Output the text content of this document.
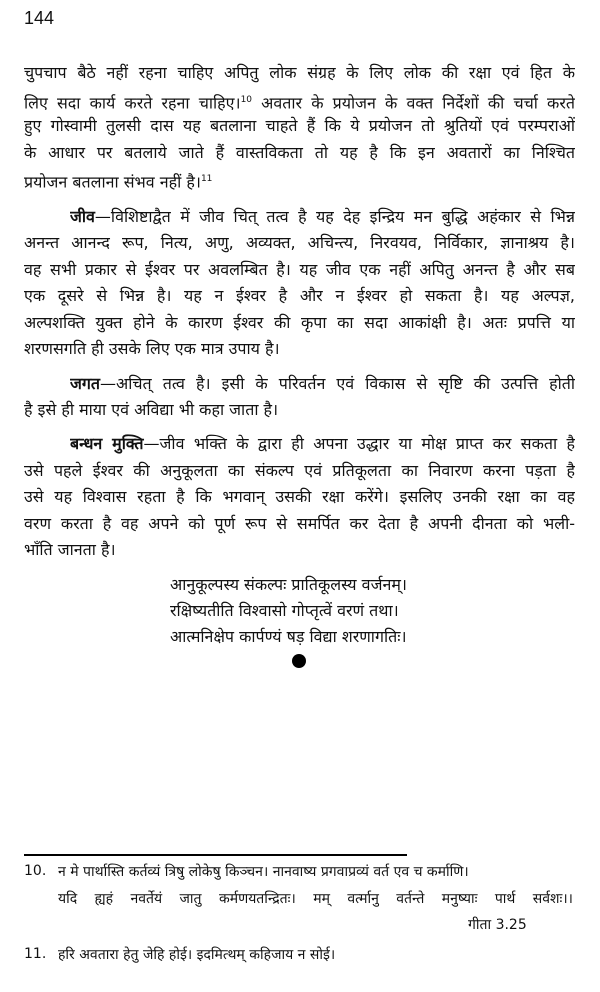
144
चुपचाप बैठे नहीं रहना चाहिए अपितु लोक संग्रह के लिए लोक की रक्षा एवं हित के
लिए सदा कार्य करते रहना चाहिए।$^{10}$ अवतार के प्रयोजन के वक्त निर्देशों की चर्चा करते
हुए गोस्वामी तुलसी दास यह बतलाना चाहते हैं कि ये प्रयोजन तो श्रुतियों एवं परम्पराओं
के आधार पर बतलाये जाते हैं वास्तविकता तो यह है कि इन अवतारों का निश्चित
प्रयोजन बतलाना संभव नहीं है।$^{11}$
जीव—विशिष्टाद्वैत में जीव चित् तत्व है यह देह इन्द्रिय मन बुद्धि अहंकार से भिन्न
अनन्त आनन्द रूप, नित्य, अणु, अव्यक्त, अचिन्त्य, निरवयव, निर्विकार, ज्ञानाश्रय है।
वह सभी प्रकार से ईश्वर पर अवलम्बित है। यह जीव एक नहीं अपितु अनन्त है और सब
एक दूसरे से भिन्न है। यह न ईश्वर है और न ईश्वर हो सकता है। यह अल्पज्ञ,
अल्पशक्ति युक्त होने के कारण ईश्वर की कृपा का सदा आकांक्षी है। अतः प्रपत्ति या
शरणसगति ही उसके लिए एक मात्र उपाय है।
जगत—अचित् तत्व है। इसी के परिवर्तन एवं विकास से सृष्टि की उत्पत्ति होती
है इसे ही माया एवं अविद्या भी कहा जाता है।
बन्धन मुक्ति—जीव भक्ति के द्वारा ही अपना उद्धार या मोक्ष प्राप्त कर सकता है
उसे पहले ईश्वर की अनुकूलता का संकल्प एवं प्रतिकूलता का निवारण करना पड़ता है
उसे यह विश्वास रहता है कि भगवान् उसकी रक्षा करेंगे। इसलिए उनकी रक्षा का वह
वरण करता है वह अपने को पूर्ण रूप से समर्पित कर देता है अपनी दीनता को भली-
भाँति जानता है।
आनुकूल्पस्य संकल्पः प्रातिकूलस्य वर्जनम्।
रक्षिष्यतीति विश्वासो गोप्तृत्वें वरणं तथा।
आत्मनिक्षेप कार्पण्यं षड़ विद्या शरणागतिः।
10. न मे पार्थास्ति कर्तव्यं त्रिषु लोकेषु किञ्चन। नानवाष्य प्रगवाप्रव्यं वर्त एव च कर्माणि।
यदि ह्यहं नवर्तेयं जातु कर्मणयतन्द्रितः। मम् वर्त्मानु वर्तन्ते मनुष्याः पार्थ सर्वशः।।
गीता 3.25
11. हरि अवतारा हेतु जेहि होई। इदमित्थम् कहिजाय न सोई।
